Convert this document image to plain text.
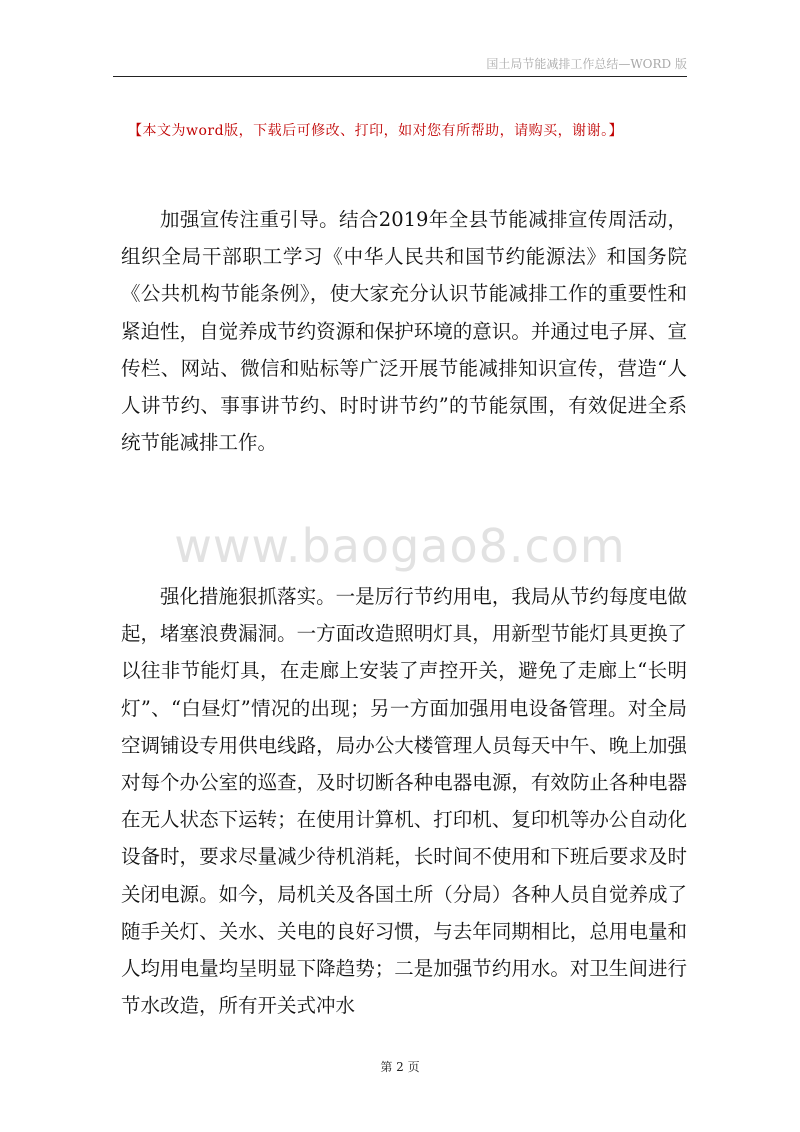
国土局节能减排工作总结—WORD 版
【本文为word版，下载后可修改、打印，如对您有所帮助，请购买，谢谢。】

加强宣传注重引导。结合2019年全县节能减排宣传周活动，组织全局干部职工学习《中华人民共和国节约能源法》和国务院《公共机构节能条例》，使大家充分认识节能减排工作的重要性和紧迫性，自觉养成节约资源和保护环境的意识。并通过电子屏、宣传栏、网站、微信和贴标等广泛开展节能减排知识宣传，营造“人人讲节约、事事讲节约、时时讲节约”的节能氛围，有效促进全系统节能减排工作。

www.baogao8.com

强化措施狠抓落实。一是厉行节约用电，我局从节约每度电做起，堵塞浪费漏洞。一方面改造照明灯具，用新型节能灯具更换了以往非节能灯具，在走廊上安装了声控开关，避免了走廊上“长明灯”、“白昼灯”情况的出现；另一方面加强用电设备管理。对全局空调铺设专用供电线路，局办公大楼管理人员每天中午、晚上加强对每个办公室的巡查，及时切断各种电器电源，有效防止各种电器在无人状态下运转；在使用计算机、打印机、复印机等办公自动化设备时，要求尽量减少待机消耗，长时间不使用和下班后要求及时关闭电源。如今，局机关及各国土所（分局）各种人员自觉养成了随手关灯、关水、关电的良好习惯，与去年同期相比，总用电量和人均用电量均呈明显下降趋势；二是加强节约用水。对卫生间进行节水改造，所有开关式冲水

第 2 页
